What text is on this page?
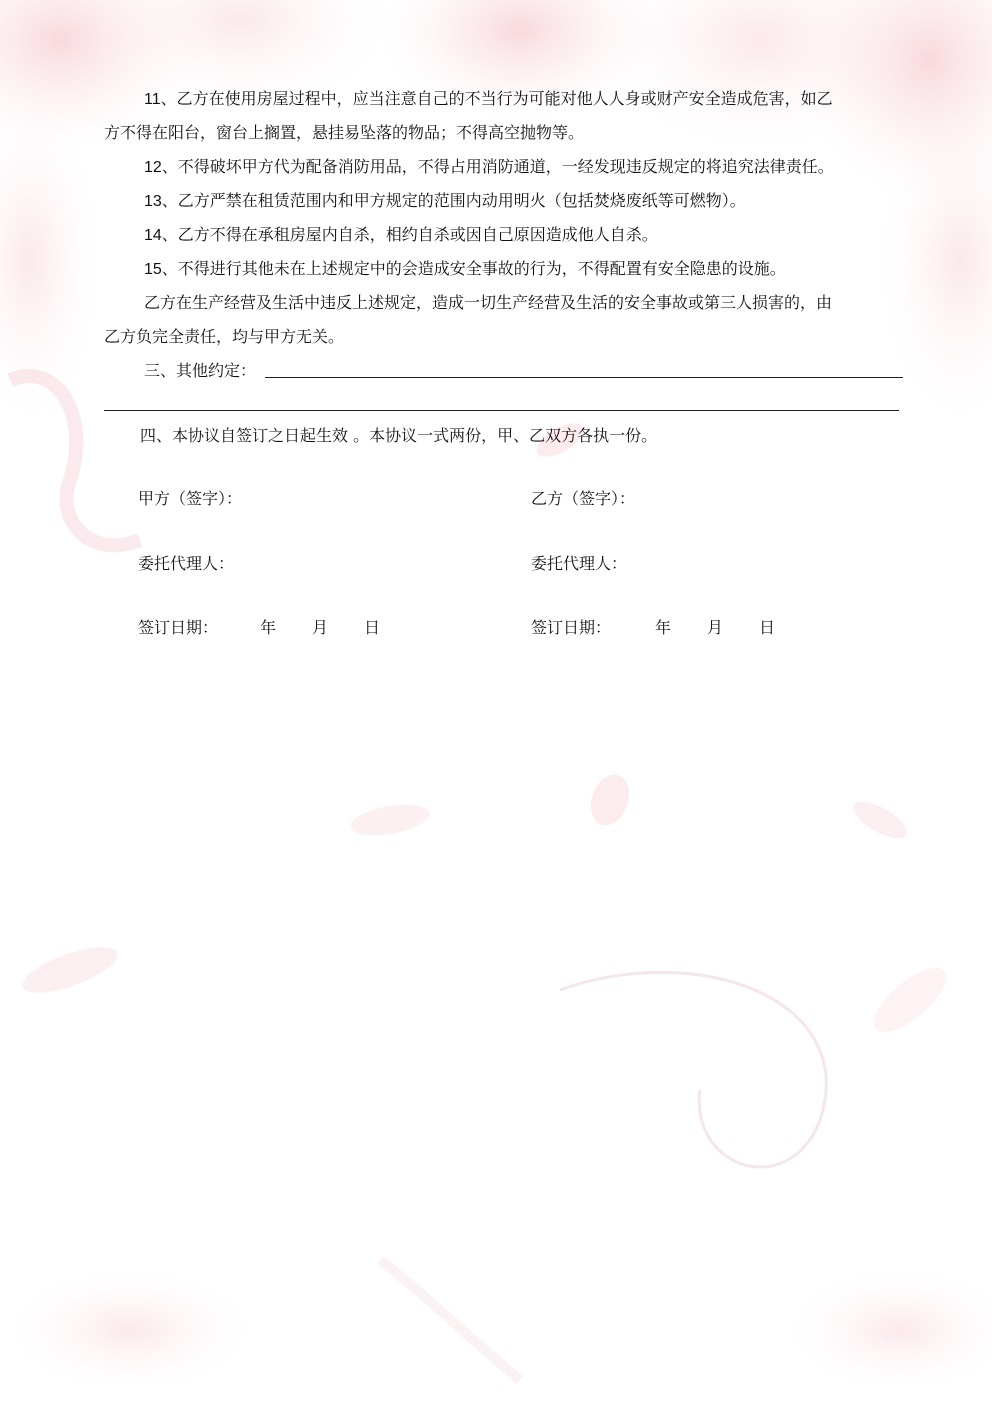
11、乙方在使用房屋过程中，应当注意自己的不当行为可能对他人人身或财产安全造成危害，如乙
方不得在阳台，窗台上搁置，悬挂易坠落的物品；不得高空抛物等。
12、不得破坏甲方代为配备消防用品，不得占用消防通道，一经发现违反规定的将追究法律责任。
13、乙方严禁在租赁范围内和甲方规定的范围内动用明火（包括焚烧废纸等可燃物）。
14、乙方不得在承租房屋内自杀，相约自杀或因自己原因造成他人自杀。
15、不得进行其他未在上述规定中的会造成安全事故的行为，不得配置有安全隐患的设施。
乙方在生产经营及生活中违反上述规定，造成一切生产经营及生活的安全事故或第三人损害的，由
乙方负完全责任，均与甲方无关。
三、其他约定：
四、本协议自签订之日起生效 。本协议一式两份，甲、乙双方各执一份。
甲方（签字）：	乙方（签字）：
委托代理人：	委托代理人：
签订日期：	年 月 日	签订日期：	年 月 日
